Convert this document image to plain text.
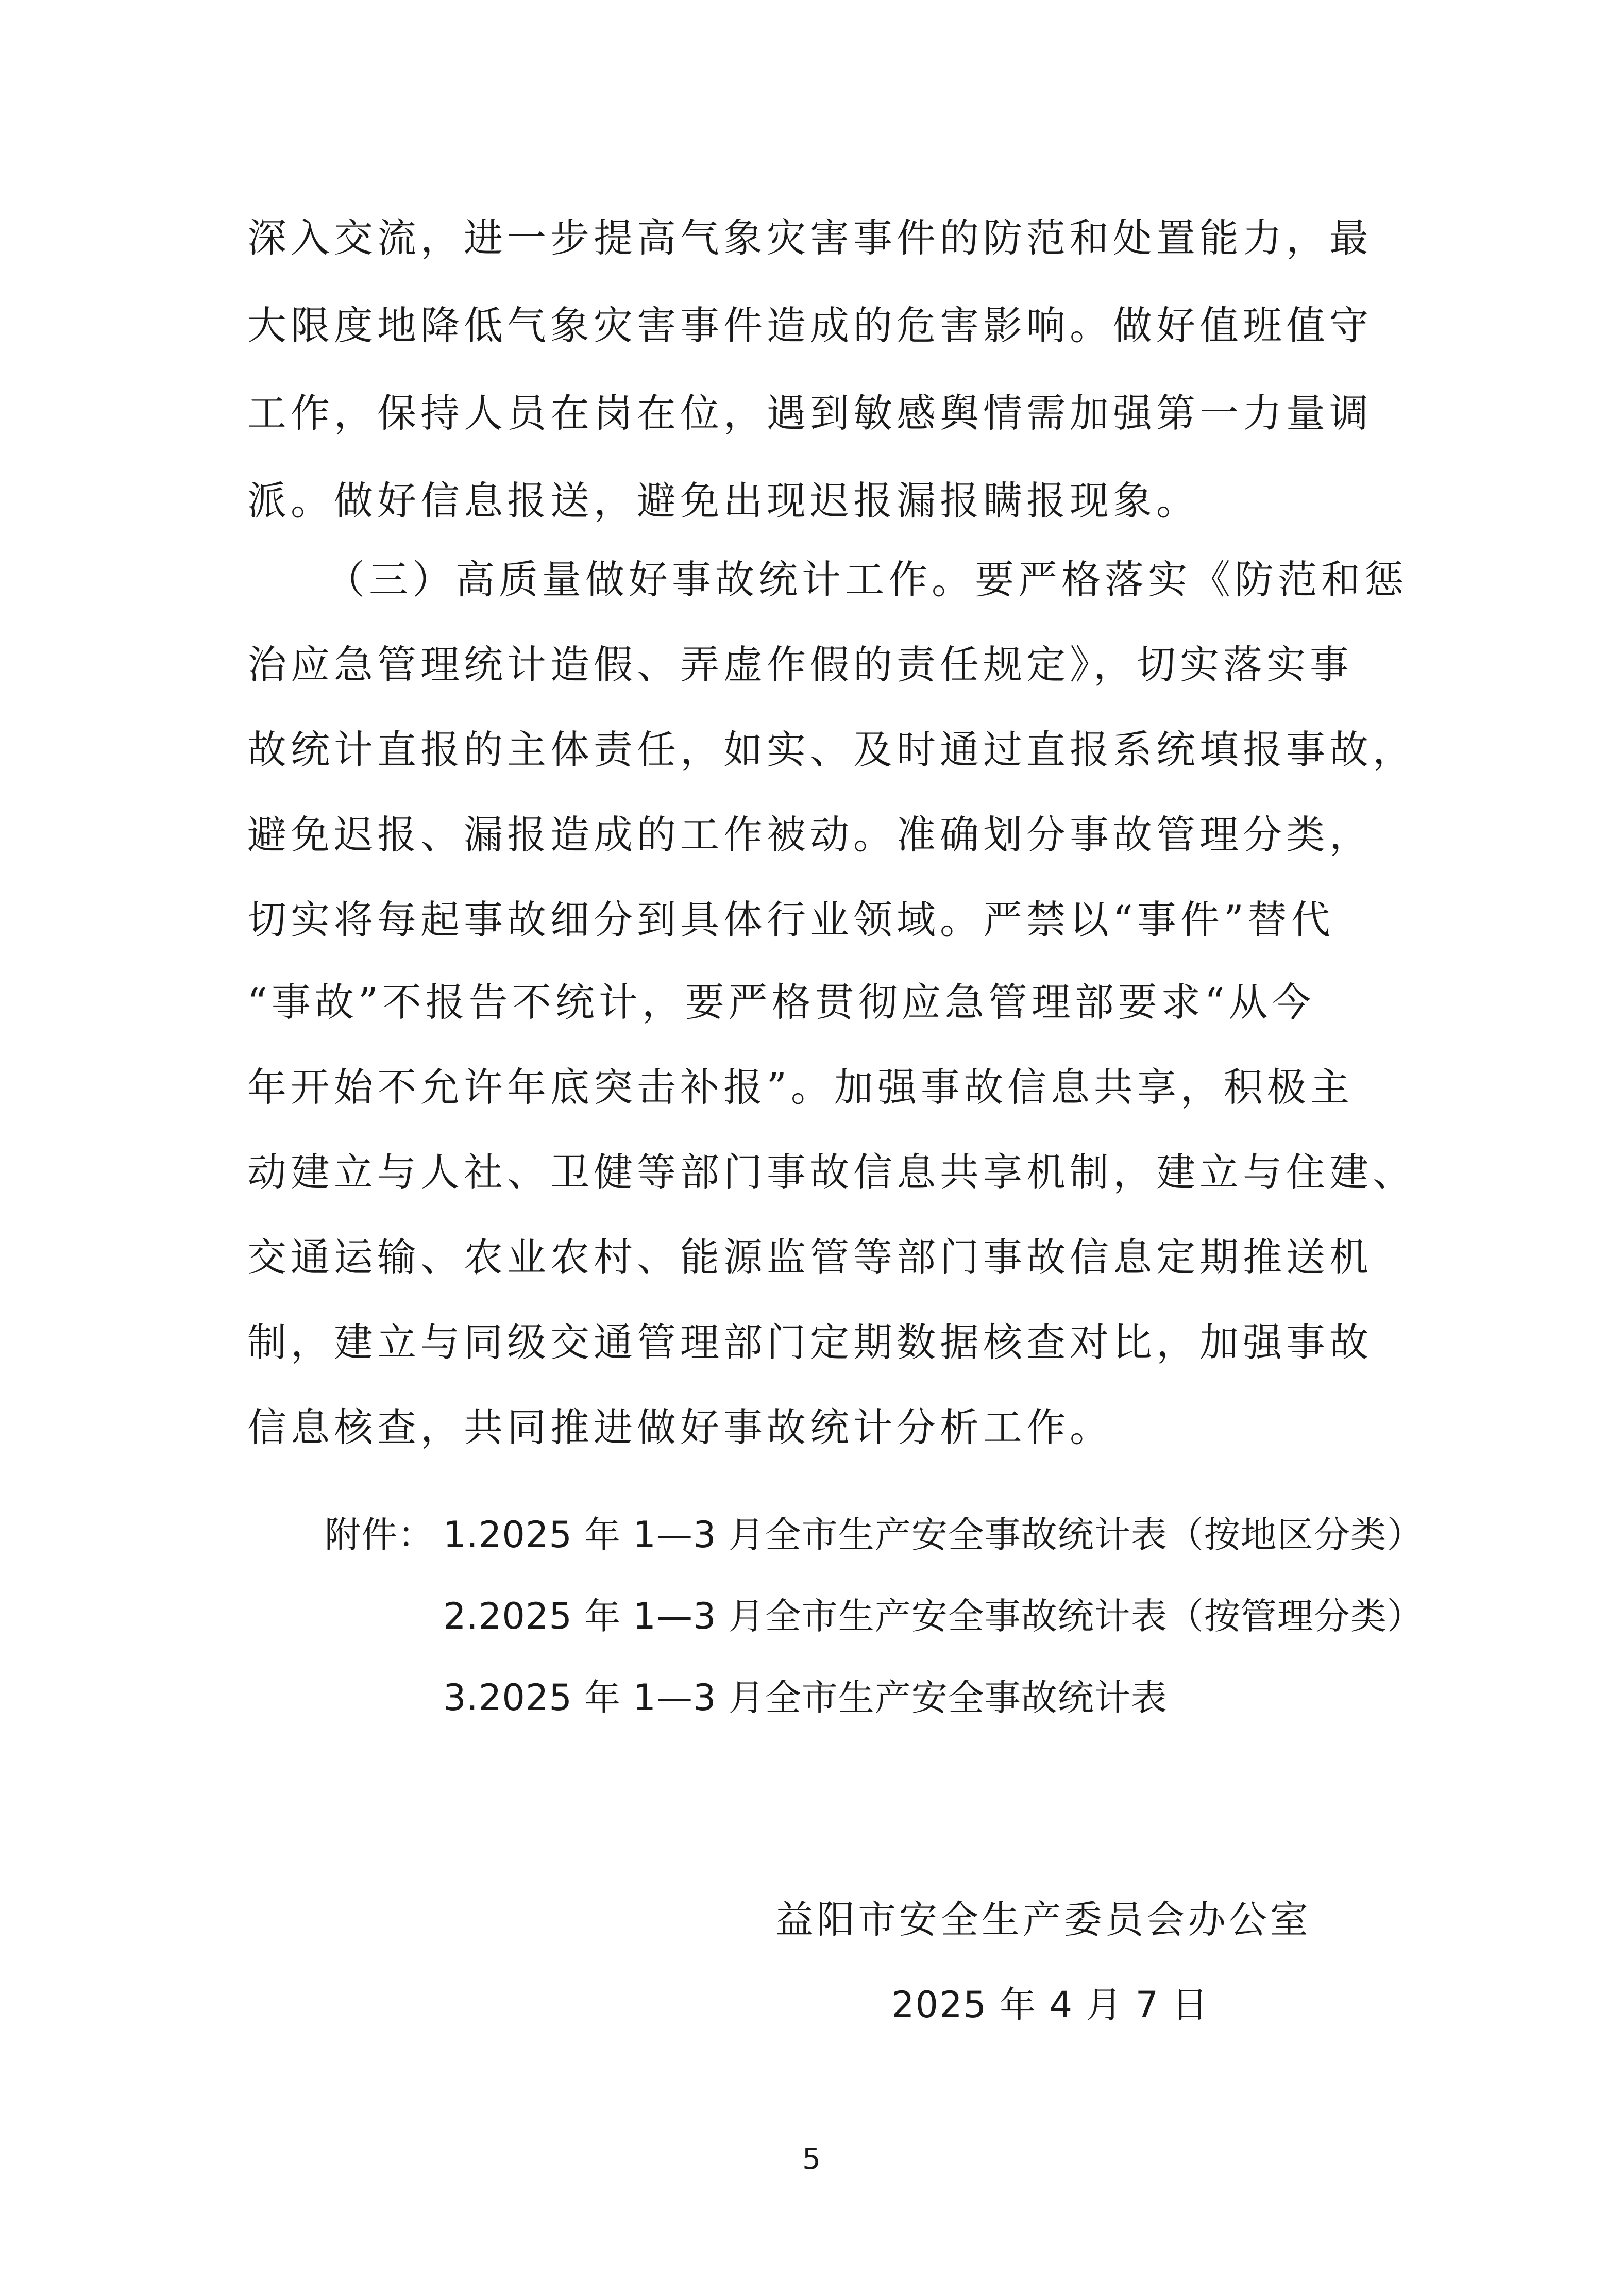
深入交流，进一步提高气象灾害事件的防范和处置能力，最
大限度地降低气象灾害事件造成的危害影响。做好值班值守
工作，保持人员在岗在位，遇到敏感舆情需加强第一力量调
派。做好信息报送，避免出现迟报漏报瞒报现象。
（三）高质量做好事故统计工作。要严格落实《防范和惩
治应急管理统计造假、弄虚作假的责任规定》，切实落实事
故统计直报的主体责任，如实、及时通过直报系统填报事故，
避免迟报、漏报造成的工作被动。准确划分事故管理分类，
切实将每起事故细分到具体行业领域。严禁以“事件”替代
“事故”不报告不统计，要严格贯彻应急管理部要求“从今
年开始不允许年底突击补报”。加强事故信息共享，积极主
动建立与人社、卫健等部门事故信息共享机制，建立与住建、
交通运输、农业农村、能源监管等部门事故信息定期推送机
制，建立与同级交通管理部门定期数据核查对比，加强事故
信息核查，共同推进做好事故统计分析工作。
附件： 1.2025 年 1—3 月全市生产安全事故统计表（按地区分类）
2.2025 年 1—3 月全市生产安全事故统计表（按管理分类）
3.2025 年 1—3 月全市生产安全事故统计表
益阳市安全生产委员会办公室
2025 年 4 月 7 日
5
